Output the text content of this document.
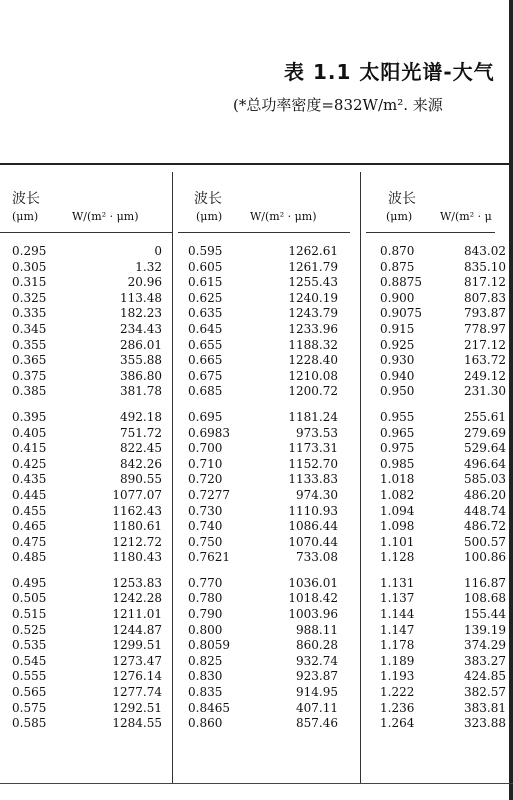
表 1.1 太阳光谱-大气
(*总功率密度=832W/m². 来源
波长
(μm)	W/(m² · μm)
0.295	0
0.305	1.32
0.315	20.96
0.325	113.48
0.335	182.23
0.345	234.43
0.355	286.01
0.365	355.88
0.375	386.80
0.385	381.78
0.395	492.18
0.405	751.72
0.415	822.45
0.425	842.26
0.435	890.55
0.445	1077.07
0.455	1162.43
0.465	1180.61
0.475	1212.72
0.485	1180.43
0.495	1253.83
0.505	1242.28
0.515	1211.01
0.525	1244.87
0.535	1299.51
0.545	1273.47
0.555	1276.14
0.565	1277.74
0.575	1292.51
0.585	1284.55
波长
(μm)	W/(m² · μm)
0.595	1262.61
0.605	1261.79
0.615	1255.43
0.625	1240.19
0.635	1243.79
0.645	1233.96
0.655	1188.32
0.665	1228.40
0.675	1210.08
0.685	1200.72
0.695	1181.24
0.6983	973.53
0.700	1173.31
0.710	1152.70
0.720	1133.83
0.7277	974.30
0.730	1110.93
0.740	1086.44
0.750	1070.44
0.7621	733.08
0.770	1036.01
0.780	1018.42
0.790	1003.96
0.800	988.11
0.8059	860.28
0.825	932.74
0.830	923.87
0.835	914.95
0.8465	407.11
0.860	857.46
波长
(μm)	W/(m² · μ
0.870	843.02
0.875	835.10
0.8875	817.12
0.900	807.83
0.9075	793.87
0.915	778.97
0.925	217.12
0.930	163.72
0.940	249.12
0.950	231.30
0.955	255.61
0.965	279.69
0.975	529.64
0.985	496.64
1.018	585.03
1.082	486.20
1.094	448.74
1.098	486.72
1.101	500.57
1.128	100.86
1.131	116.87
1.137	108.68
1.144	155.44
1.147	139.19
1.178	374.29
1.189	383.27
1.193	424.85
1.222	382.57
1.236	383.81
1.264	323.88
